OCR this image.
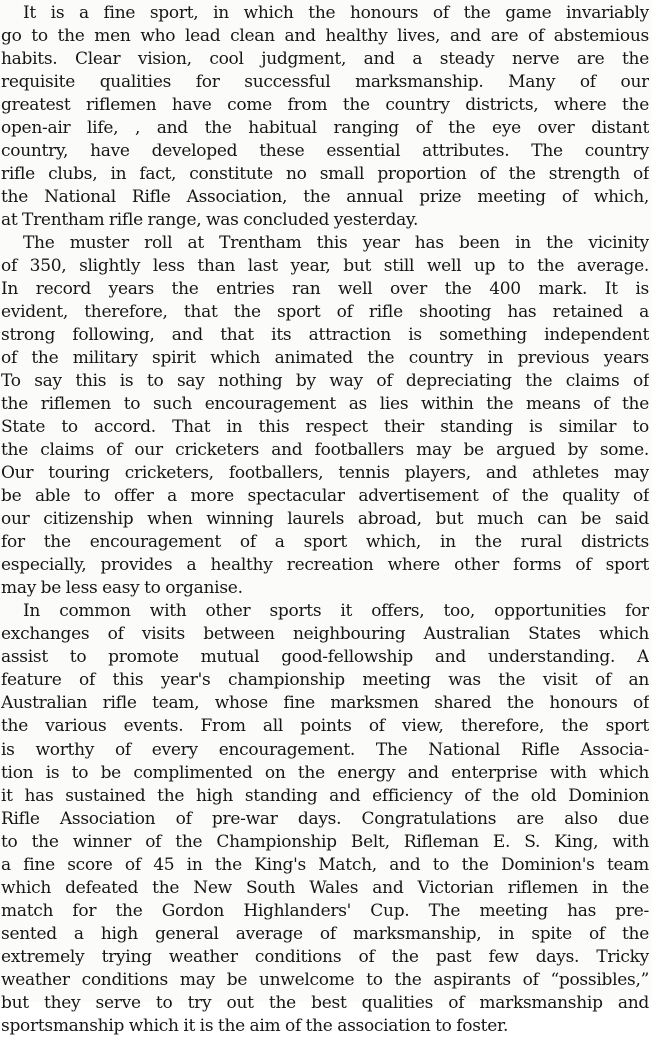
It is a fine sport, in which the honours of the game invariably
go to the men who lead clean and healthy lives, and are of abstemious
habits. Clear vision, cool judgment, and a steady nerve are the
requisite qualities for successful marksmanship. Many of our
greatest riflemen have come from the country districts, where the
open-air life, , and the habitual ranging of the eye over distant
country, have developed these essential attributes. The country
rifle clubs, in fact, constitute no small proportion of the strength of
the National Rifle Association, the annual prize meeting of which,
at Trentham rifle range, was concluded yesterday.
The muster roll at Trentham this year has been in the vicinity
of 350, slightly less than last year, but still well up to the average.
In record years the entries ran well over the 400 mark. It is
evident, therefore, that the sport of rifle shooting has retained a
strong following, and that its attraction is something independent
of the military spirit which animated the country in previous years
To say this is to say nothing by way of depreciating the claims of
the riflemen to such encouragement as lies within the means of the
State to accord. That in this respect their standing is similar to
the claims of our cricketers and footballers may be argued by some.
Our touring cricketers, footballers, tennis players, and athletes may
be able to offer a more spectacular advertisement of the quality of
our citizenship when winning laurels abroad, but much can be said
for the encouragement of a sport which, in the rural districts
especially, provides a healthy recreation where other forms of sport
may be less easy to organise.
In common with other sports it offers, too, opportunities for
exchanges of visits between neighbouring Australian States which
assist to promote mutual good-fellowship and understanding. A
feature of this year's championship meeting was the visit of an
Australian rifle team, whose fine marksmen shared the honours of
the various events. From all points of view, therefore, the sport
is worthy of every encouragement. The National Rifle Associa-
tion is to be complimented on the energy and enterprise with which
it has sustained the high standing and efficiency of the old Dominion
Rifle Association of pre-war days. Congratulations are also due
to the winner of the Championship Belt, Rifleman E. S. King, with
a fine score of 45 in the King's Match, and to the Dominion's team
which defeated the New South Wales and Victorian riflemen in the
match for the Gordon Highlanders' Cup. The meeting has pre-
sented a high general average of marksmanship, in spite of the
extremely trying weather conditions of the past few days. Tricky
weather conditions may be unwelcome to the aspirants of “possibles,”
but they serve to try out the best qualities of marksmanship and
sportsmanship which it is the aim of the association to foster.
